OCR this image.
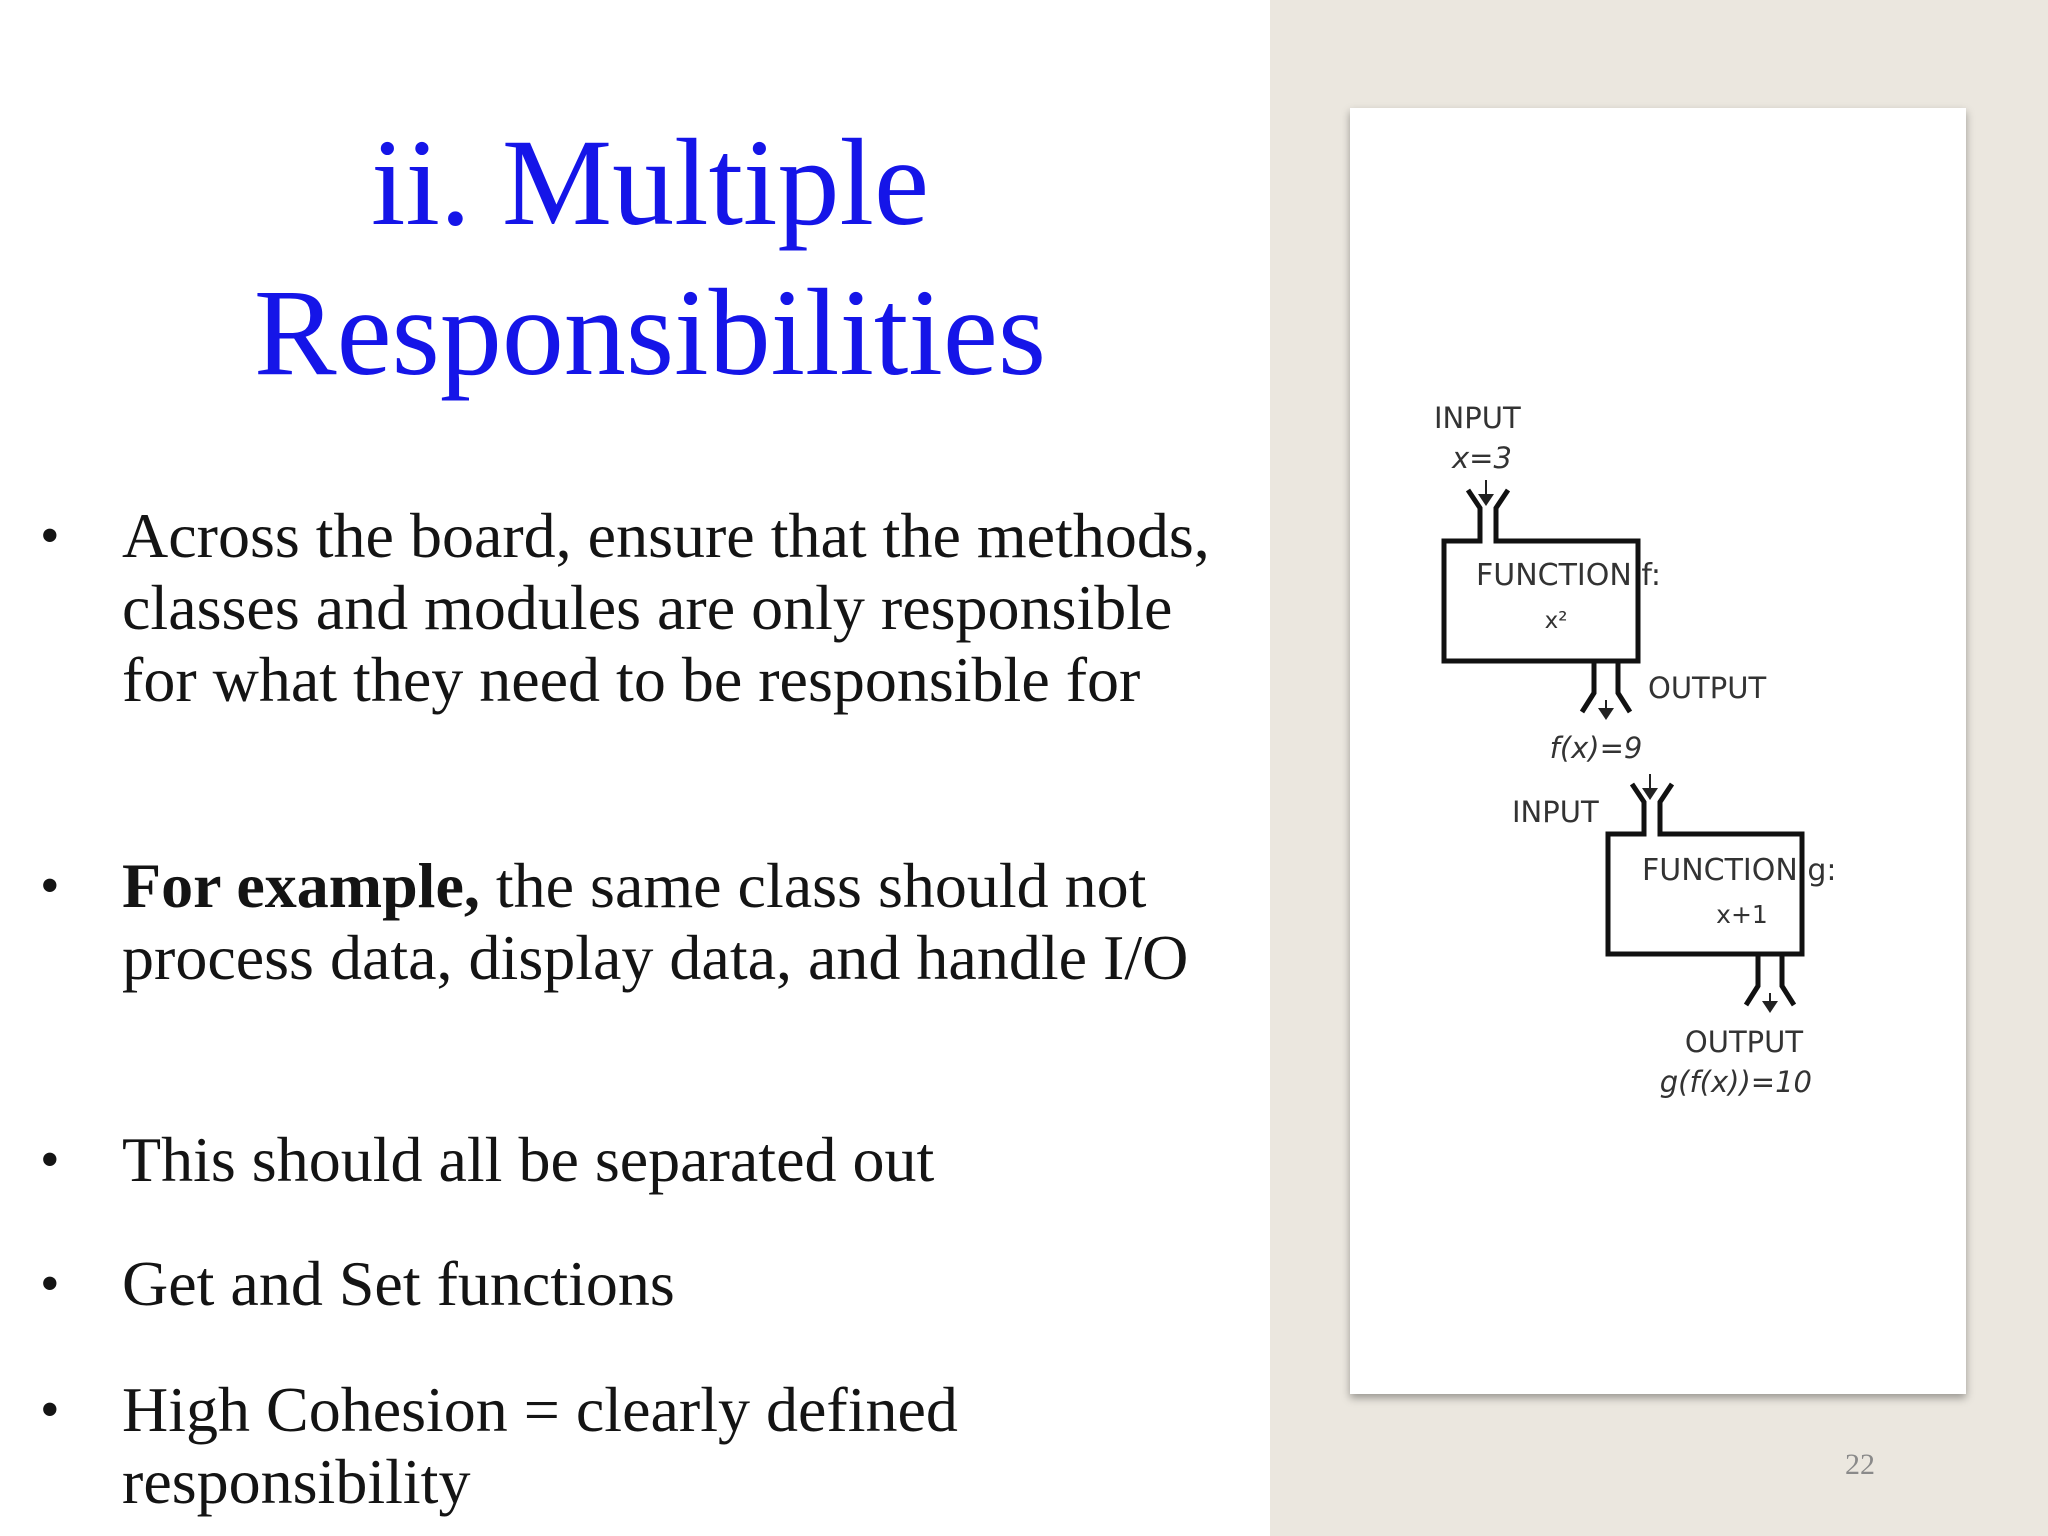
ii. Multiple
Responsibilities
• Across the board, ensure that the methods, classes and modules are only responsible for what they need to be responsible for
• For example, the same class should not process data, display data, and handle I/O
• This should all be separated out
• Get and Set functions
• High Cohesion = clearly defined responsibility
INPUT
x=3
FUNCTION f:
x²
OUTPUT
f(x)=9
INPUT
FUNCTION g:
x+1
OUTPUT
g(f(x))=10
22
